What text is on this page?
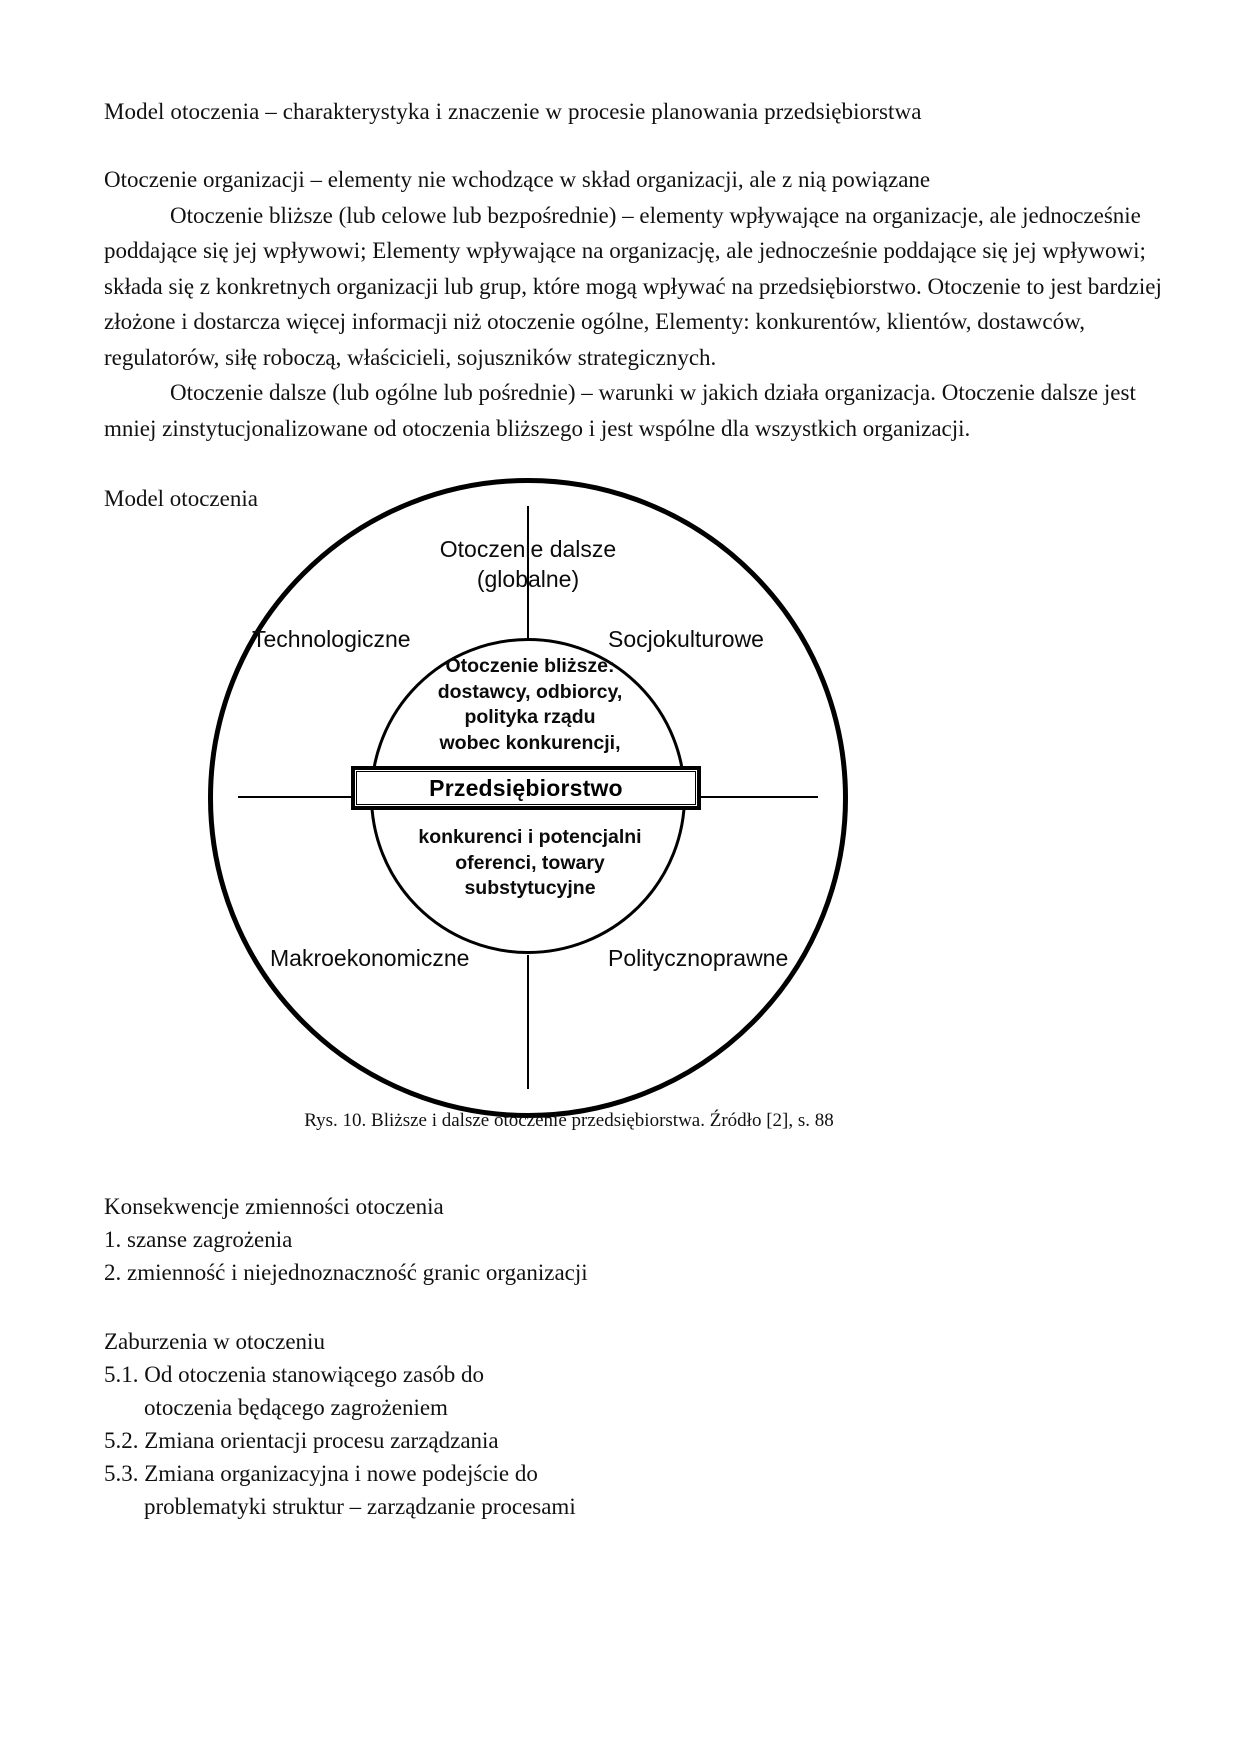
Model otoczenia – charakterystyka i znaczenie w procesie planowania przedsiębiorstwa

Otoczenie organizacji – elementy nie wchodzące w skład organizacji, ale z nią powiązane

Otoczenie bliższe (lub celowe lub bezpośrednie) – elementy wpływające na organizacje, ale jednocześnie poddające się jej wpływowi; Elementy wpływające na organizację, ale jednocześnie poddające się jej wpływowi; składa się z konkretnych organizacji lub grup, które mogą wpływać na przedsiębiorstwo. Otoczenie to jest bardziej złożone i dostarcza więcej informacji niż otoczenie ogólne, Elementy: konkurentów, klientów, dostawców, regulatorów, siłę roboczą, właścicieli, sojuszników strategicznych.

Otoczenie dalsze (lub ogólne lub pośrednie) – warunki w jakich działa organizacja. Otoczenie dalsze jest mniej zinstytucjonalizowane od otoczenia bliższego i jest wspólne dla wszystkich organizacji.

Model otoczenia

Otoczenie dalsze
(globalne)
Technologiczne	Socjokulturowe
Makroekonomiczne	Politycznoprawne
Otoczenie bliższe:
dostawcy, odbiorcy,
polityka rządu
wobec konkurencji,
Przedsiębiorstwo
konkurenci i potencjalni
oferenci, towary
substytucyjne
Rys. 10. Bliższe i dalsze otoczenie przedsiębiorstwa. Źródło [2], s. 88

Konsekwencje zmienności otoczenia

1. szanse zagrożenia

2. zmienność i niejednoznaczność granic organizacji

Zaburzenia w otoczeniu

5.1. Od otoczenia stanowiącego zasób do

otoczenia będącego zagrożeniem

5.2. Zmiana orientacji procesu zarządzania

5.3. Zmiana organizacyjna i nowe podejście do

problematyki struktur – zarządzanie procesami
